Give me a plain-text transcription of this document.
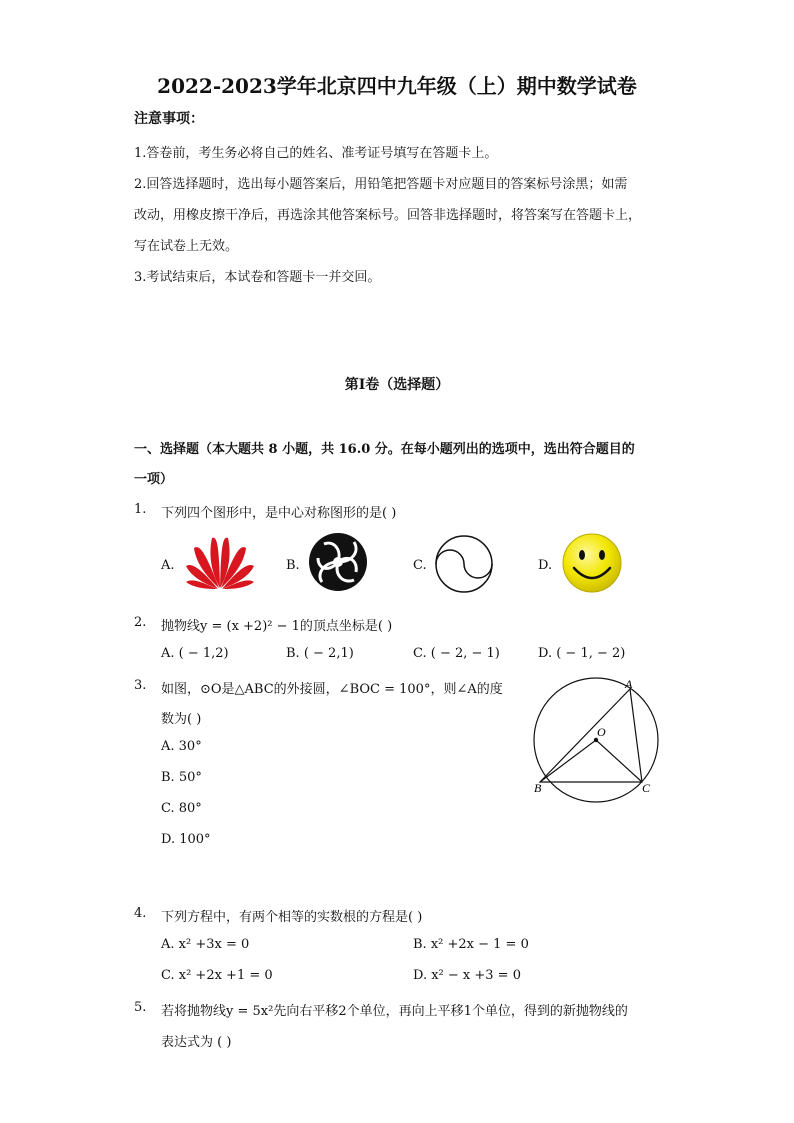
2022-2023学年北京四中九年级（上）期中数学试卷
注意事项：
1.答卷前，考生务必将自己的姓名、准考证号填写在答题卡上。
2.回答选择题时，选出每小题答案后，用铅笔把答题卡对应题目的答案标号涂黑；如需
改动，用橡皮擦干净后，再选涂其他答案标号。回答非选择题时，将答案写在答题卡上，
写在试卷上无效。
3.考试结束后，本试卷和答题卡一并交回。
第I卷（选择题）
一、选择题（本大题共 8 小题，共 16.0 分。在每小题列出的选项中，选出符合题目的
一项）
1. 下列四个图形中，是中心对称图形的是( )
A.	B.	C.	D.
2. 抛物线y = (x +2)² − 1的顶点坐标是( )
A. ( − 1,2)	B. ( − 2,1)	C. ( − 2, − 1)	D. ( − 1, − 2)
3. 如图，⊙O是△ABC的外接圆，∠BOC = 100°，则∠A的度
数为( )
A. 30°
B. 50°
C. 80°
D. 100°
A
B	C
O
4. 下列方程中，有两个相等的实数根的方程是( )
A. x² +3x = 0	B. x² +2x − 1 = 0
C. x² +2x +1 = 0	D. x² − x +3 = 0
5. 若将抛物线y = 5x²先向右平移2个单位，再向上平移1个单位，得到的新抛物线的
表达式为 ( )
